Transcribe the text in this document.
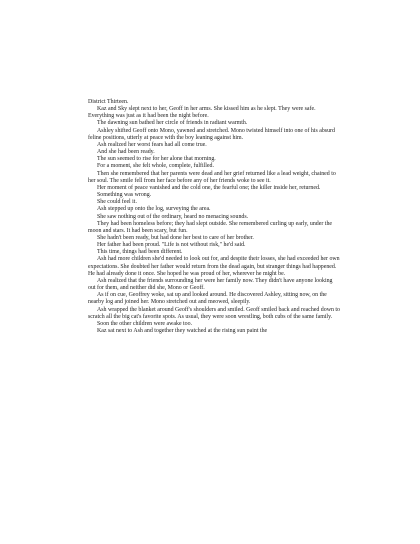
District Thirteen.

Kaz and Sky slept next to her, Geoff in her arms. She kissed him as he slept. They were safe. Everything was just as it had been the night before.

The dawning sun bathed her circle of friends in radiant warmth.

Ashley shifted Geoff onto Mono, yawned and stretched. Mono twisted himself into one of his absurd feline positions, utterly at peace with the boy leaning against him.

Ash realized her worst fears had all come true.

And she had been ready.

The sun seemed to rise for her alone that morning.

For a moment, she felt whole, complete, fulfilled.

Then she remembered that her parents were dead and her grief returned like a lead weight, chained to her soul. The smile fell from her face before any of her friends woke to see it.

Her moment of peace vanished and the cold one, the fearful one; the killer inside her, returned.

Something was wrong.

She could feel it.

Ash stepped up onto the log, surveying the area.

She saw nothing out of the ordinary, heard no menacing sounds.

They had been homeless before; they had slept outside. She remembered curling up early, under the moon and stars. It had been scary, but fun.

She hadn't been ready, but had done her best to care of her brother.

Her father had been proud. "Life is not without risk," he'd said.

This time, things had been different.

Ash had more children she'd needed to look out for, and despite their losses, she had exceeded her own expectations. She doubted her father would return from the dead again, but stranger things had happened. He had already done it once. She hoped he was proud of her, wherever he might be.

Ash realized that the friends surrounding her were her family now. They didn't have anyone looking out for them, and neither did she, Mono or Geoff.

As if on cue, Geoffrey woke, sat up and looked around. He discovered Ashley, sitting now, on the nearby log and joined her. Mono stretched out and meowed, sleepily.

Ash wrapped the blanket around Geoff's shoulders and smiled. Geoff smiled back and reached down to scratch all the big cat's favorite spots. As usual, they were soon wrestling, both cubs of the same family.

Soon the other children were awake too.

Kaz sat next to Ash and together they watched at the rising sun paint the
